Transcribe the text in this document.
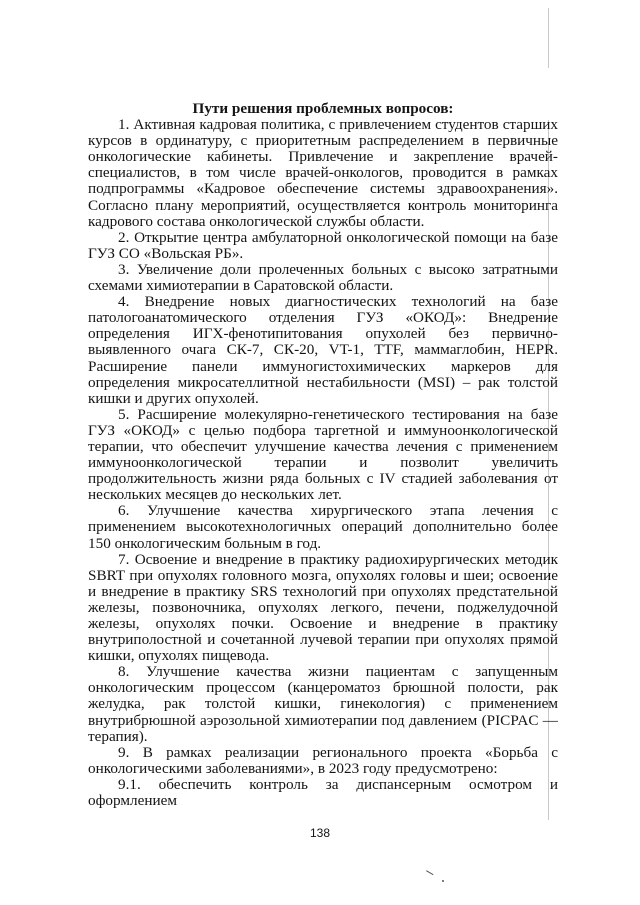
Пути решения проблемных вопросов:

1. Активная кадровая политика, с привлечением студентов старших курсов в ординатуру, с приоритетным распределением в первичные онкологические кабинеты. Привлечение и закрепление врачей-специалистов, в том числе врачей-онкологов, проводится в рамках подпрограммы «Кадровое обеспечение системы здравоохранения». Согласно плану мероприятий, осуществляется контроль мониторинга кадрового состава онкологической службы области.

2. Открытие центра амбулаторной онкологической помощи на базе ГУЗ СО «Вольская РБ».

3. Увеличение доли пролеченных больных с высоко затратными схемами химиотерапии в Саратовской области.

4. Внедрение новых диагностических технологий на базе патологоанатомического отделения ГУЗ «ОКОД»: Внедрение определения ИГХ-фенотипитования опухолей без первично-выявленного очага СК-7, СК-20, VT-1, TTF, маммаглобин, HEPR. Расширение панели иммуногистохимических маркеров для определения микросателлитной нестабильности (MSI) – рак толстой кишки и других опухолей.

5. Расширение молекулярно-генетического тестирования на базе ГУЗ «ОКОД» с целью подбора таргетной и иммуноонкологической терапии, что обеспечит улучшение качества лечения с применением иммуноонкологической терапии и позволит увеличить продолжительность жизни ряда больных с IV стадией заболевания от нескольких месяцев до нескольких лет.

6. Улучшение качества хирургического этапа лечения с применением высокотехнологичных операций дополнительно более 150 онкологическим больным в год.

7. Освоение и внедрение в практику радиохирургических методик SBRT при опухолях головного мозга, опухолях головы и шеи; освоение и внедрение в практику SRS технологий при опухолях предстательной железы, позвоночника, опухолях легкого, печени, поджелудочной железы, опухолях почки. Освоение и внедрение в практику внутриполостной и сочетанной лучевой терапии при опухолях прямой кишки, опухолях пищевода.

8. Улучшение качества жизни пациентам с запущенным онкологическим процессом (канцероматоз брюшной полости, рак желудка, рак толстой кишки, гинекология) с применением внутрибрюшной аэрозольной химиотерапии под давлением (PICPAC — терапия).

9. В рамках реализации регионального проекта «Борьба с онкологическими заболеваниями», в 2023 году предусмотрено:

9.1. обеспечить контроль за диспансерным осмотром и оформлением

138
